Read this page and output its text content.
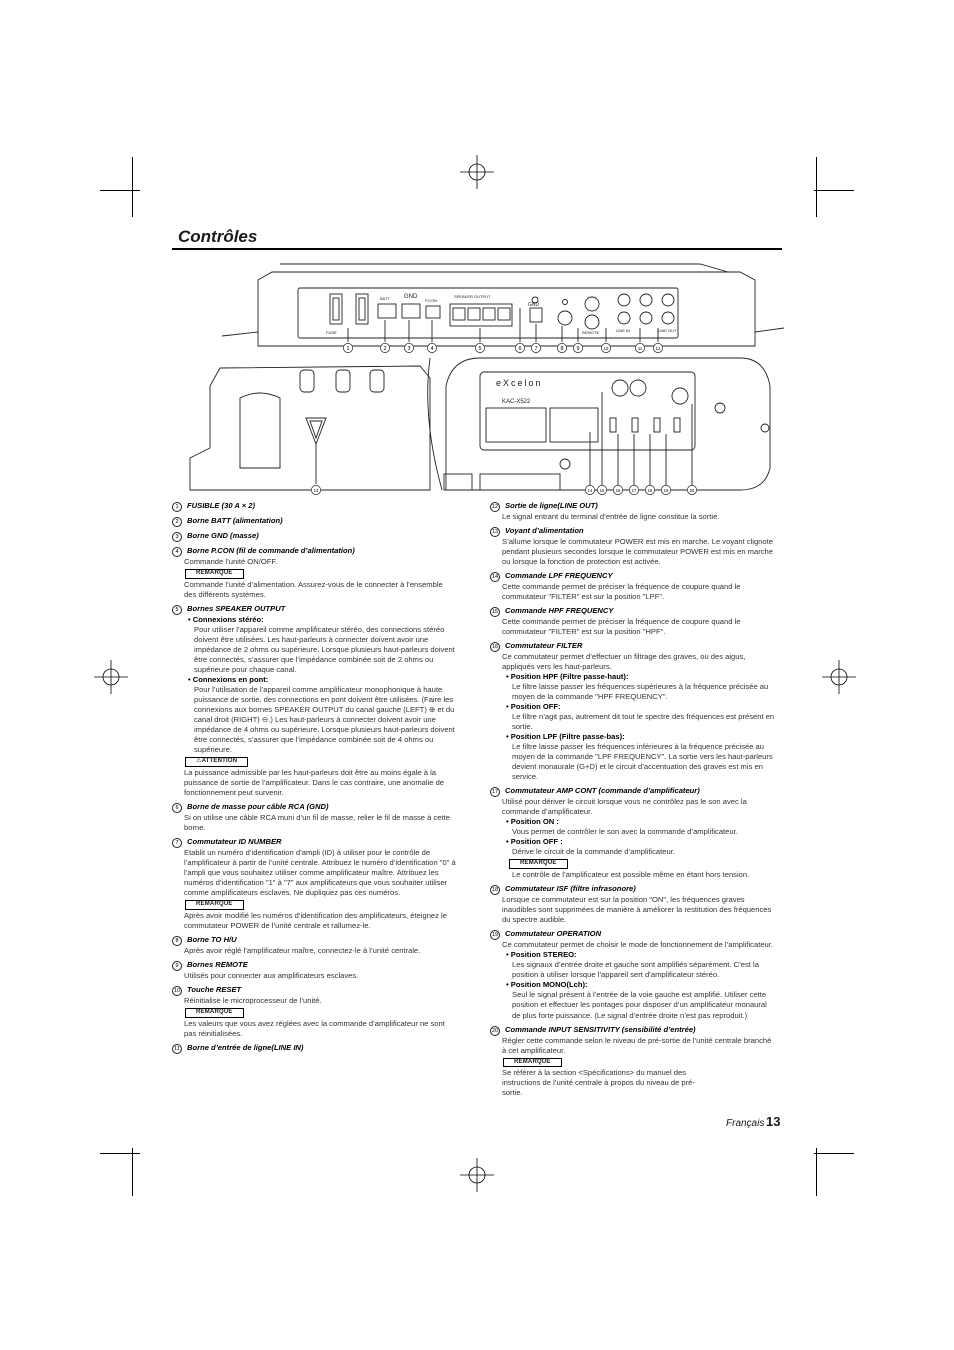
Contrôles
FUSE
BATT GND
P.CON
SPEAKER OUTPUT
GND
REMOTE	LINE IN	LINE OUT
eXcelon
KAC-X522
1	2	3	4	5	6 7	8 9	10	11	12
13	14 15	16	17	18	19	20
1	FUSIBLE (30 A × 2)
2	Borne BATT (alimentation)
3	Borne GND (masse)
4	Borne P.CON (fil de commande d’alimentation)
Commande l’unité ON/OFF.
REMARQUE
Commande l’unité d’alimentation. Assurez-vous de le connecter à l’ensemble des différents systèmes.
5	Bornes SPEAKER OUTPUT
• Connexions stéréo:
Pour utiliser l’appareil comme amplificateur stéréo, des connections stéréo doivent être utilisées. Les haut-parleurs à connecter doivent avoir une impédance de 2 ohms ou supérieure. Lorsque plusieurs haut-parleurs doivent être connectés, s’assurer que l’impédance combinée soit de 2 ohms ou supérieure pour chaque canal.
• Connexions en pont:
Pour l’utilisation de l’appareil comme amplificateur monophonique à haute puissance de sortie, des connections en pont doivent être utilisées. (Faire les connexions aux bornes SPEAKER OUTPUT du canal gauche (LEFT) ⊕ et du canal droit (RIGHT) ⊖.) Les haut-parleurs à connecter doivent avoir une impédance de 4 ohms ou supérieure. Lorsque plusieurs haut-parleurs doivent être connectés, s’assurer que l’impédance combinée soit de 4 ohms ou supérieure.
⚠ATTENTION
La puissance admissible par les haut-parleurs doit être au moins égale à la puissance de sortie de l’amplificateur. Dans le cas contraire, une anomalie de fonctionnement peut survenir.
6	Borne de masse pour câble RCA (GND)
Si on utilise une câble RCA muni d’un fil de masse, relier le fil de masse à cette borne.
7	Commutateur ID NUMBER
Etablit un numéro d’identification d’ampli (ID) à utiliser pour le contrôle de l’amplificateur à partir de l’unité centrale. Attribuez le numéro d’identification "0" à l’ampli que vous souhaitez utiliser comme amplificateur maître. Attribuez les numéros d’identification "1" à "7" aux amplificateurs que vous souhaiter utiliser comme amplificateurs esclaves. Ne dupliquez pas ces numéros.
REMARQUE
Après avoir modifié les numéros d’identification des amplificateurs, éteignez le commutateur POWER de l’unité centrale et rallumez-le.
8	Borne TO H/U
Après avoir réglé l’amplificateur maître, connectez-le à l’unité centrale.
9	Bornes REMOTE
Utilisés pour connecter aux amplificateurs esclaves.
10 Touche RESET
Réinitialise le microprocesseur de l’unité.
REMARQUE
Les valeurs que vous avez réglées avec la commande d’amplificateur ne sont pas réinitialisées.
11 Borne d’entrée de ligne(LINE IN)
12 Sortie de ligne(LINE OUT)
Le signal entrant du terminal d’entrée de ligne constitue la sortie.
13 Voyant d’alimentation
S’allume lorsque le commutateur POWER est mis en marche. Le voyant clignote pendant plusieurs secondes lorsque le commutateur POWER est mis en marche ou lorsque la fonction de protection est activée.
14 Commande LPF FREQUENCY
Cette commande permet de préciser la fréquence de coupure quand le commutateur "FILTER" est sur la position "LPF".
15 Commande HPF FREQUENCY
Cette commande permet de préciser la fréquence de coupure quand le commutateur "FILTER" est sur la position "HPF".
16 Commutateur FILTER
Ce commutateur permet d’effectuer un filtrage des graves, ou des aigus, appliqués vers les haut-parleurs.
• Position HPF (Filtre passe-haut):
Le filtre laisse passer les fréquences supérieures à la fréquence précisée au moyen de la commande "HPF FREQUENCY".
• Position OFF:
Le filtre n’agit pas, autrement dit tout le spectre des fréquences est présent en sortie.
• Position LPF (Filtre passe-bas):
Le filtre laisse passer les fréquences inférieures à la fréquence précisée au moyen de la commande "LPF FREQUENCY". La sortie vers les haut-parleurs devient monaurale (G+D) et le circuit d’accentuation des graves est mis en service.
17 Commutateur AMP CONT (commande d’amplificateur)
Utilisé pour dériver le circuit lorsque vous ne contrôlez pas le son avec la commande d’amplificateur.
• Position ON :
Vous permet de contrôler le son avec la commande d’amplificateur.
• Position OFF :
Dérive le circuit de la commande d’amplificateur.
REMARQUE
Le contrôle de l’amplificateur est possible même en étant hors tension.
18 Commutateur ISF (filtre infrasonore)
Lorsque ce commutateur est sur la position "ON", les fréquences graves inaudibles sont supprimées de manière à améliorer la restitution des fréquences du spectre audible.
19 Commutateur OPERATION
Ce commutateur permet de choisir le mode de fonctionnement de l’amplificateur.
• Position STEREO:
Les signaux d’entrée droite et gauche sont amplifiés séparément. C’est la position à utiliser lorsque l’appareil sert d’amplificateur stéréo.
• Position MONO(Lch):
Seul le signal présent à l’entrée de la voie gauche est amplifié. Utiliser cette position et effectuer les pontages pour disposer d’un amplificateur monaural de plus forte puissance. (Le signal d’entrée droite n’est pas reproduit.)
20 Commande INPUT SENSITIVITY (sensibilité d’entrée)
Régler cette commande selon le niveau de pré-sortie de l’unité centrale branché à cet amplificateur.
REMARQUE
Se référer à la section <Spécifications> du manuel des instructions de l’unité centrale à propos du niveau de pré-sortie.
Français 13
